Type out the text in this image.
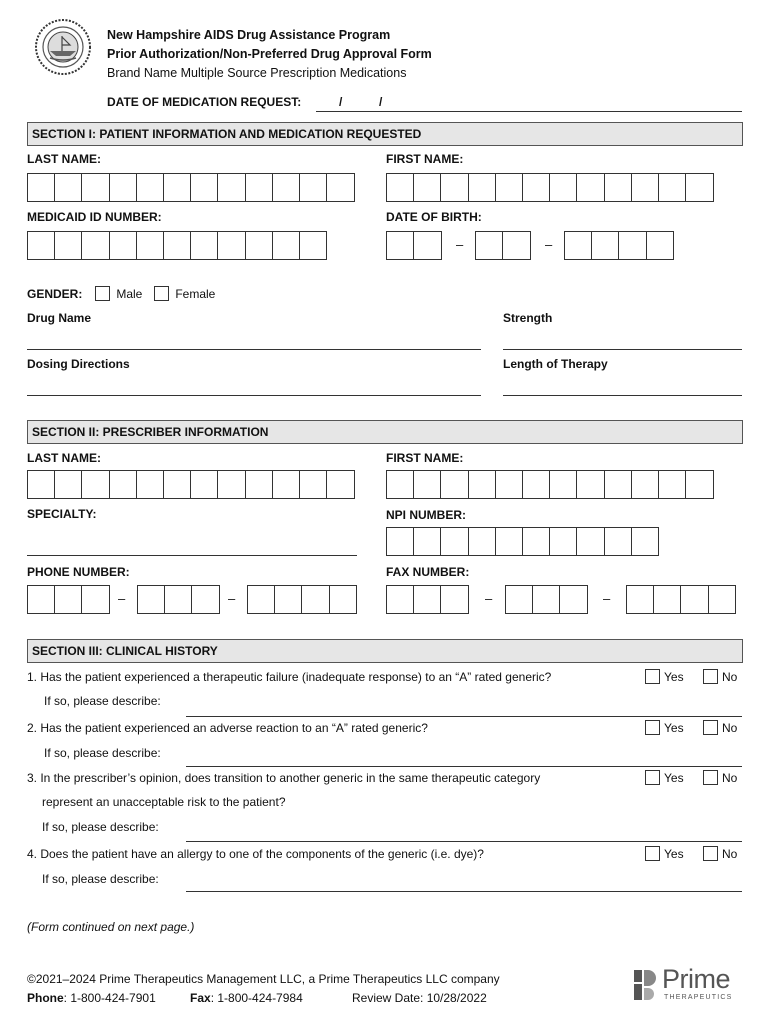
New Hampshire AIDS Drug Assistance Program
Prior Authorization/Non-Preferred Drug Approval Form
Brand Name Multiple Source Prescription Medications
DATE OF MEDICATION REQUEST:	/	/
SECTION I: PATIENT INFORMATION AND MEDICATION REQUESTED
LAST NAME:	FIRST NAME:
MEDICAID ID NUMBER:	DATE OF BIRTH:
–	–
GENDER:	Male	Female
Drug Name	Strength
Dosing Directions	Length of Therapy
SECTION II: PRESCRIBER INFORMATION
LAST NAME:	FIRST NAME:
SPECIALTY:	NPI NUMBER:
PHONE NUMBER:	FAX NUMBER:
–	–	–	–
SECTION III: CLINICAL HISTORY
1. Has the patient experienced a therapeutic failure (inadequate response) to an “A” rated generic?	Yes	No
If so, please describe:
2. Has the patient experienced an adverse reaction to an “A” rated generic?	Yes	No
If so, please describe:
3. In the prescriber’s opinion, does transition to another generic in the same therapeutic category
represent an unacceptable risk to the patient?
Yes	No
If so, please describe:
4. Does the patient have an allergy to one of the components of the generic (i.e. dye)?	Yes	No
If so, please describe:
(Form continued on next page.)
©2021–2024 Prime Therapeutics Management LLC, a Prime Therapeutics LLC company
Phone: 1-800-424-7901	Fax: 1-800-424-7984	Review Date: 10/28/2022
Prime
THERAPEUTICS
